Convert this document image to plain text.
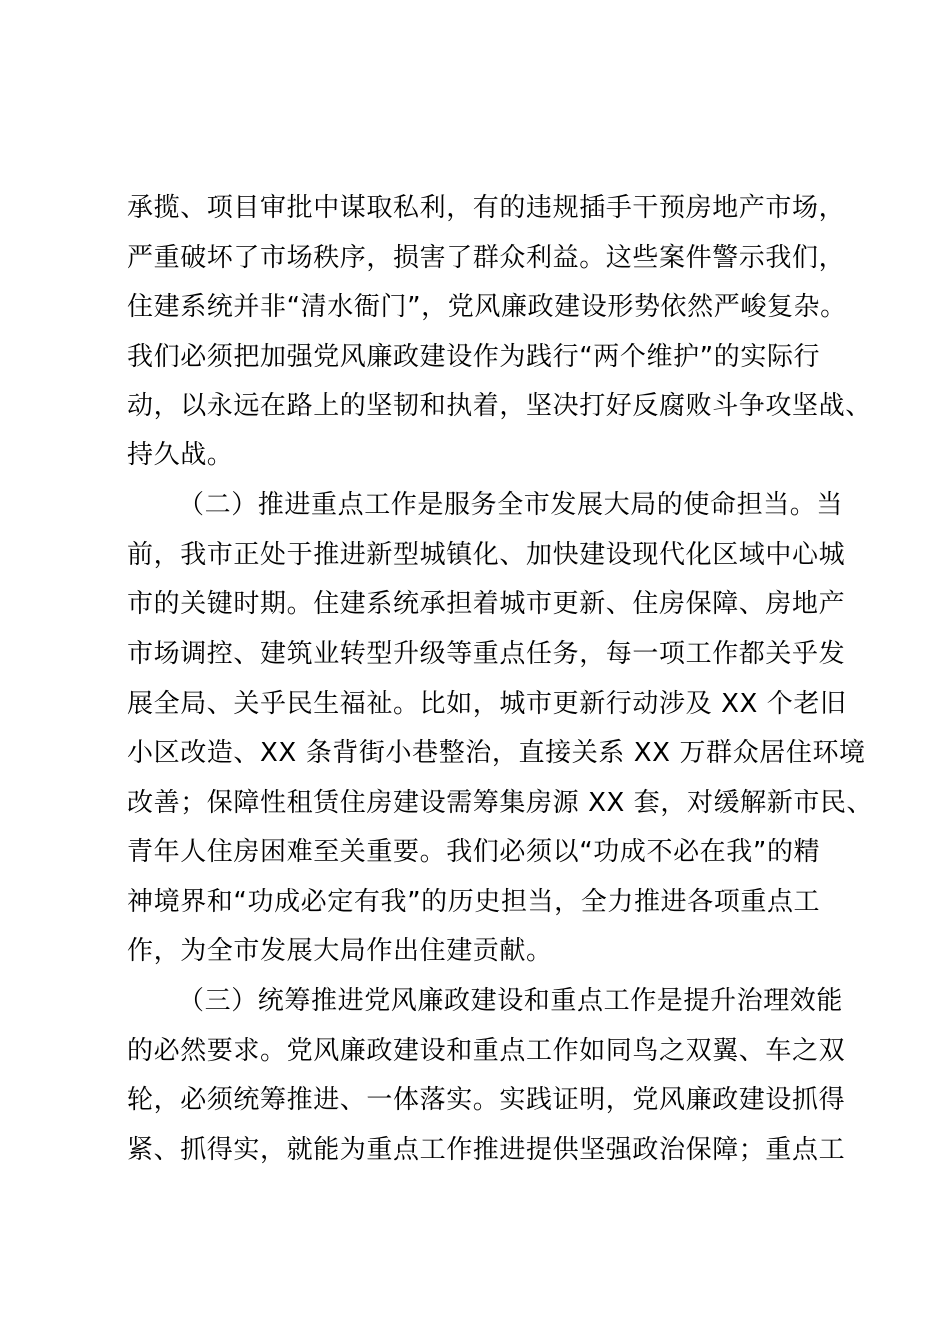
承揽、项目审批中谋取私利，有的违规插手干预房地产市场，
严重破坏了市场秩序，损害了群众利益。这些案件警示我们，
住建系统并非“清水衙门”，党风廉政建设形势依然严峻复杂。
我们必须把加强党风廉政建设作为践行“两个维护”的实际行
动，以永远在路上的坚韧和执着，坚决打好反腐败斗争攻坚战、
持久战。
（二）推进重点工作是服务全市发展大局的使命担当。当
前，我市正处于推进新型城镇化、加快建设现代化区域中心城
市的关键时期。住建系统承担着城市更新、住房保障、房地产
市场调控、建筑业转型升级等重点任务，每一项工作都关乎发
展全局、关乎民生福祉。比如，城市更新行动涉及 XX 个老旧
小区改造、XX 条背街小巷整治，直接关系 XX 万群众居住环境
改善；保障性租赁住房建设需筹集房源 XX 套，对缓解新市民、
青年人住房困难至关重要。我们必须以“功成不必在我”的精
神境界和“功成必定有我”的历史担当，全力推进各项重点工
作，为全市发展大局作出住建贡献。
（三）统筹推进党风廉政建设和重点工作是提升治理效能
的必然要求。党风廉政建设和重点工作如同鸟之双翼、车之双
轮，必须统筹推进、一体落实。实践证明，党风廉政建设抓得
紧、抓得实，就能为重点工作推进提供坚强政治保障；重点工
